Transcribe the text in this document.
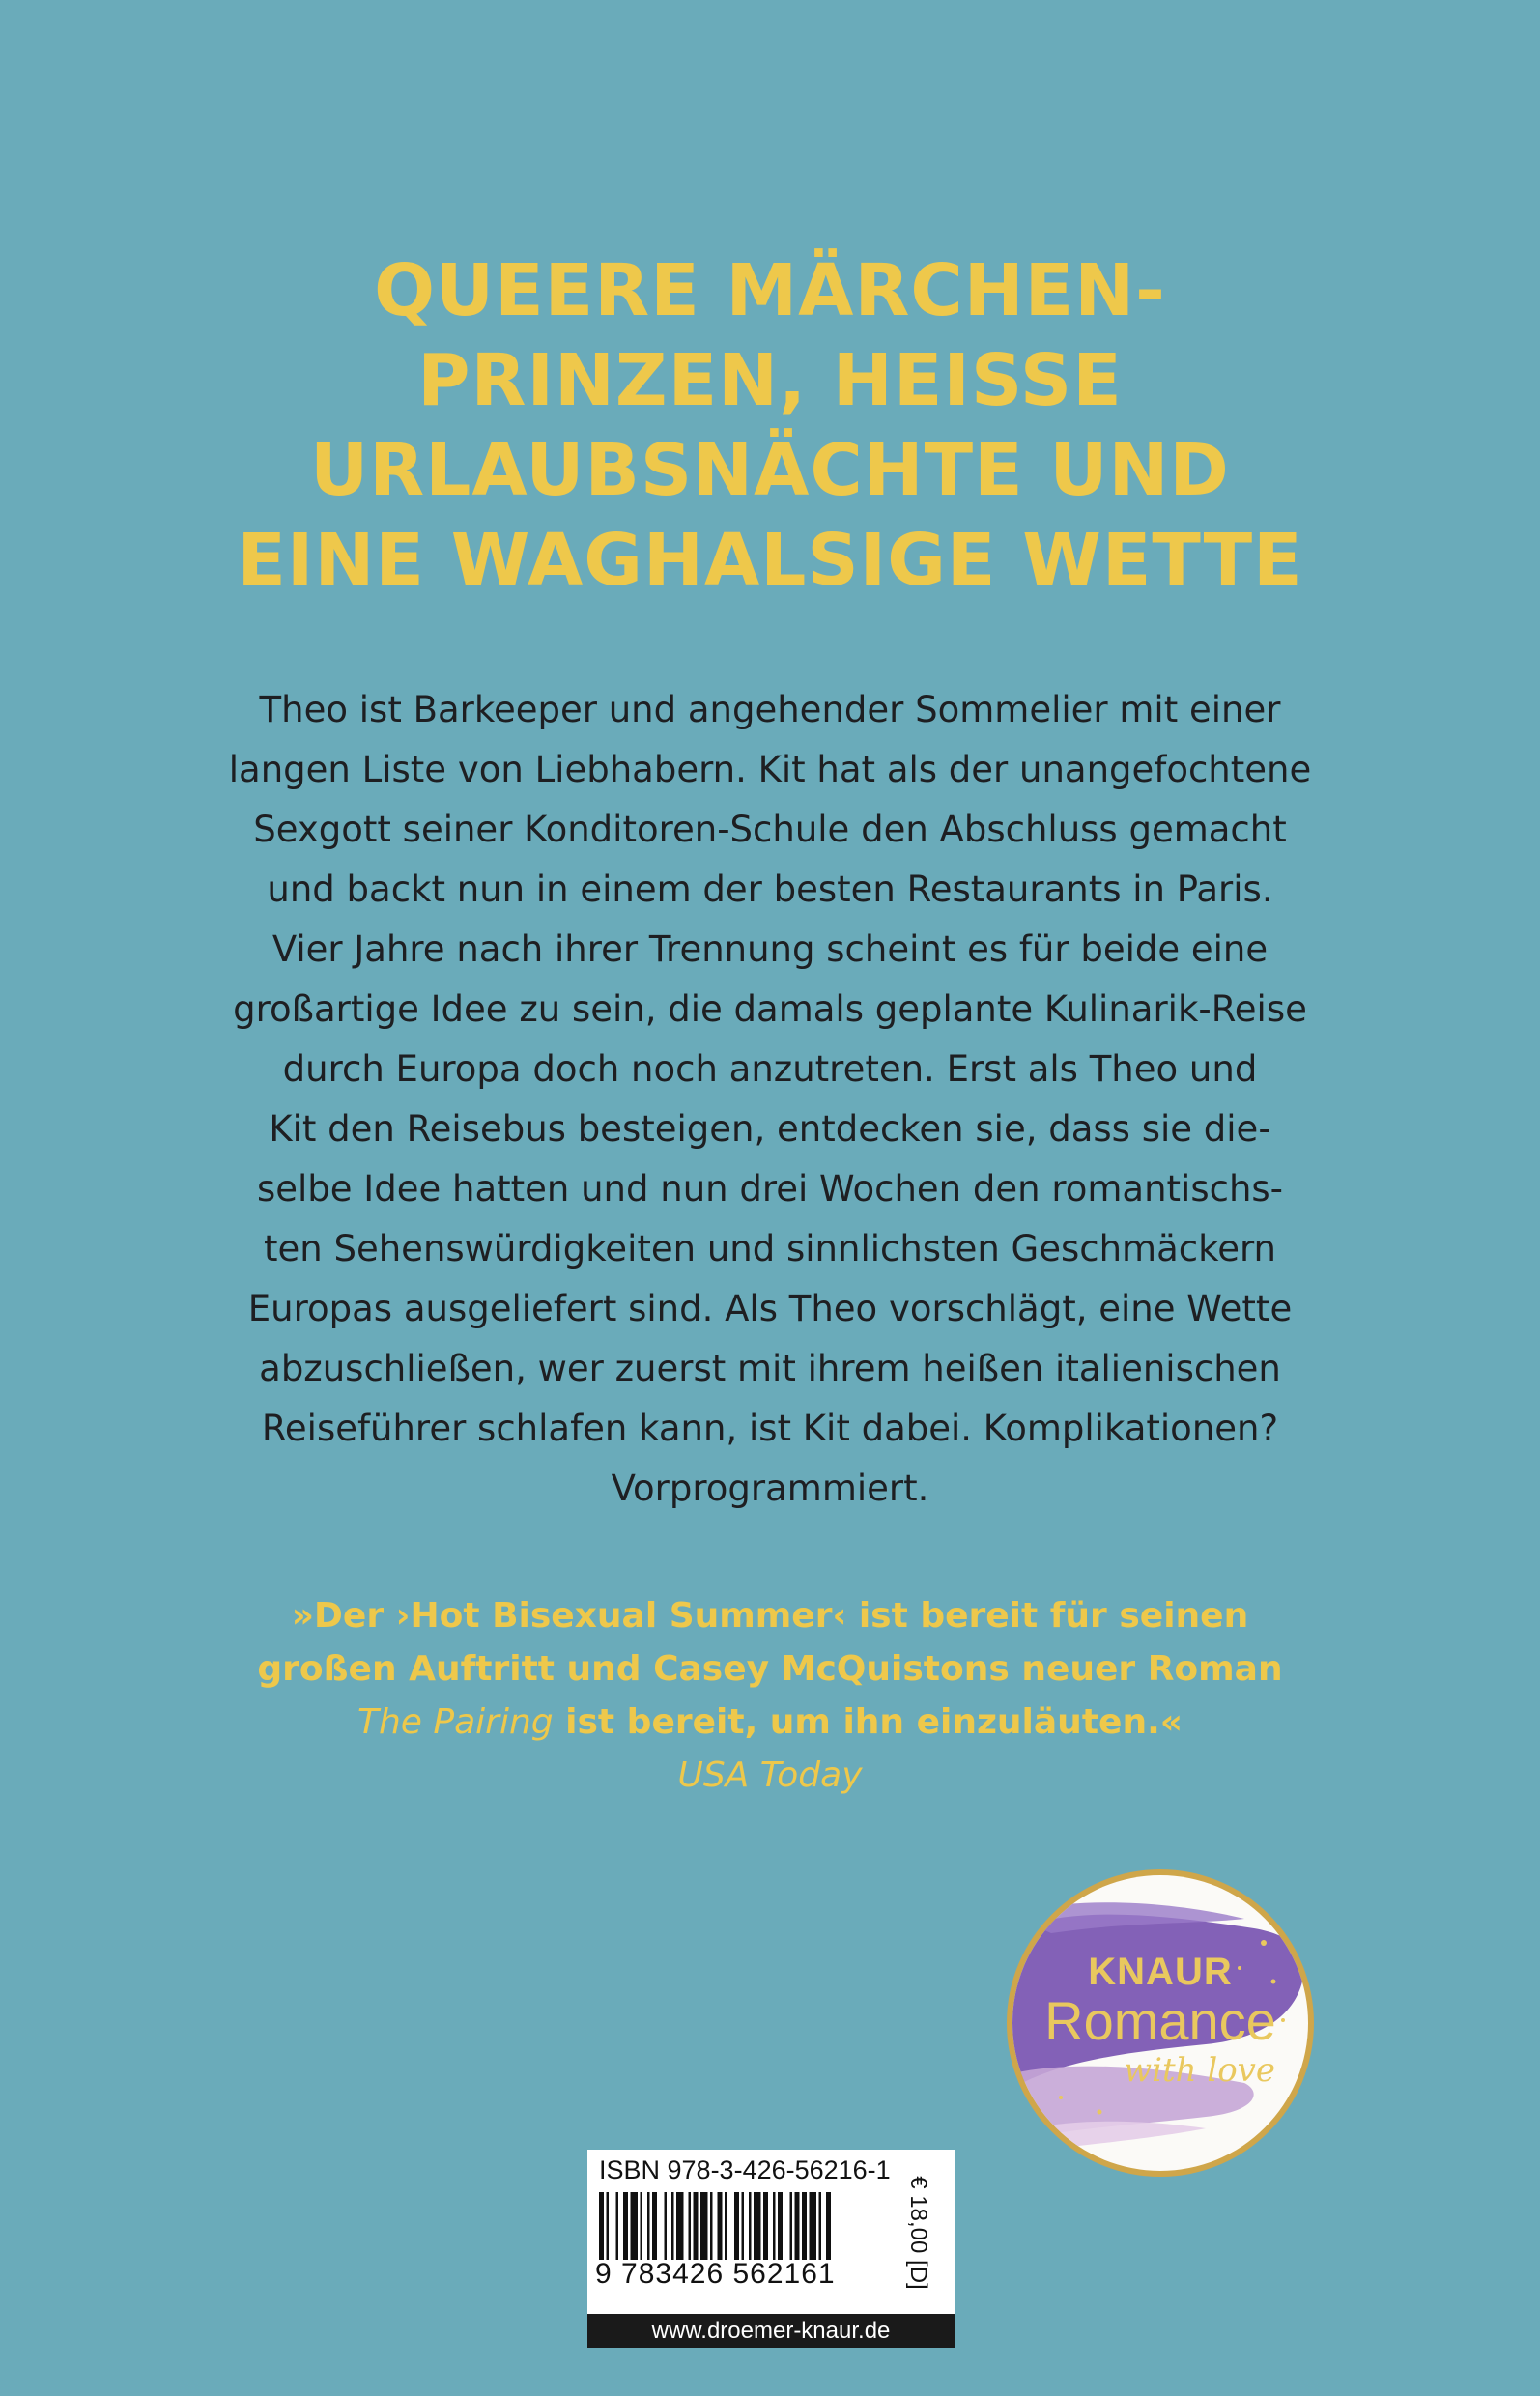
QUEERE MÄRCHEN-
PRINZEN, HEISSE
URLAUBSNÄCHTE UND
EINE WAGHALSIGE WETTE

Theo ist Barkeeper und angehender Sommelier mit einer
langen Liste von Liebhabern. Kit hat als der unangefochtene
Sexgott seiner Konditoren-Schule den Abschluss gemacht
und backt nun in einem der besten Restaurants in Paris.
Vier Jahre nach ihrer Trennung scheint es für beide eine
großartige Idee zu sein, die damals geplante Kulinarik-Reise
durch Europa doch noch anzutreten. Erst als Theo und
Kit den Reisebus besteigen, entdecken sie, dass sie die-
selbe Idee hatten und nun drei Wochen den romantischs-
ten Sehenswürdigkeiten und sinnlichsten Geschmäckern
Europas ausgeliefert sind. Als Theo vorschlägt, eine Wette
abzuschließen, wer zuerst mit ihrem heißen italienischen
Reiseführer schlafen kann, ist Kit dabei. Komplikationen?
Vorprogrammiert.

»Der ›Hot Bisexual Summer‹ ist bereit für seinen
großen Auftritt und Casey McQuistons neuer Roman
The Pairing ist bereit, um ihn einzuläuten.«
USA Today

KNAUR
Romance
with love
ISBN 978-3-426-56216-1
9 783426 562161	€ 18,00 [D]
www.droemer-knaur.de
